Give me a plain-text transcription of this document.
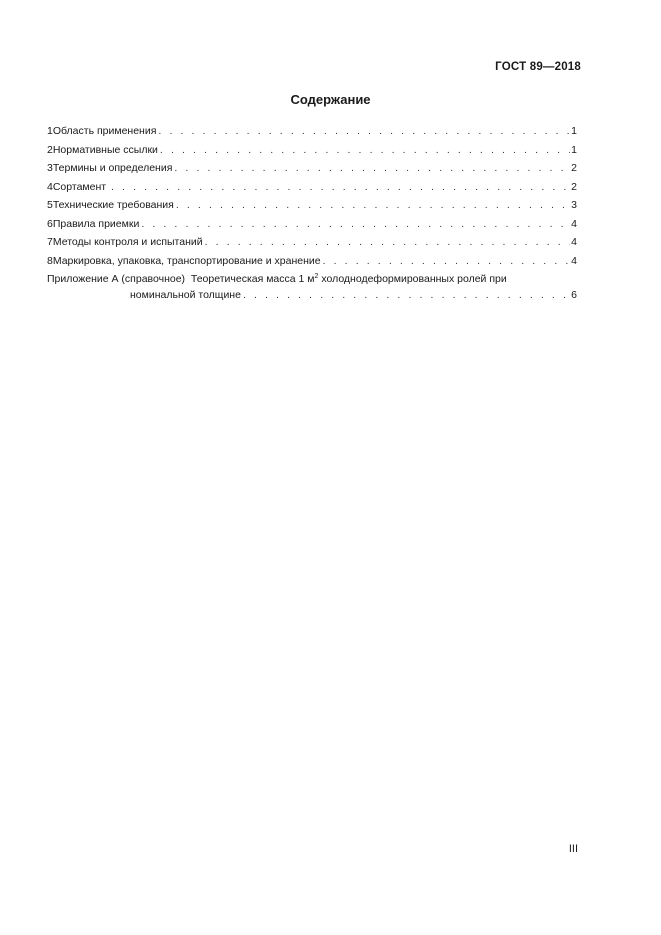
ГОСТ 89—2018
Содержание
1 Область применения . . .	1
2 Нормативные ссылки . . .	1
3 Термины и определения . . .	2
4 Сортамент . . .	2
5 Технические требования . . .	3
6 Правила приемки . . .	4
7 Методы контроля и испытаний . . .	4
8 Маркировка, упаковка, транспортирование и хранение . . .	4
Приложение А (справочное)  Теоретическая масса 1 $м^2$ холоднодеформированных ролей при
номинальной толщине . . .	6
III
